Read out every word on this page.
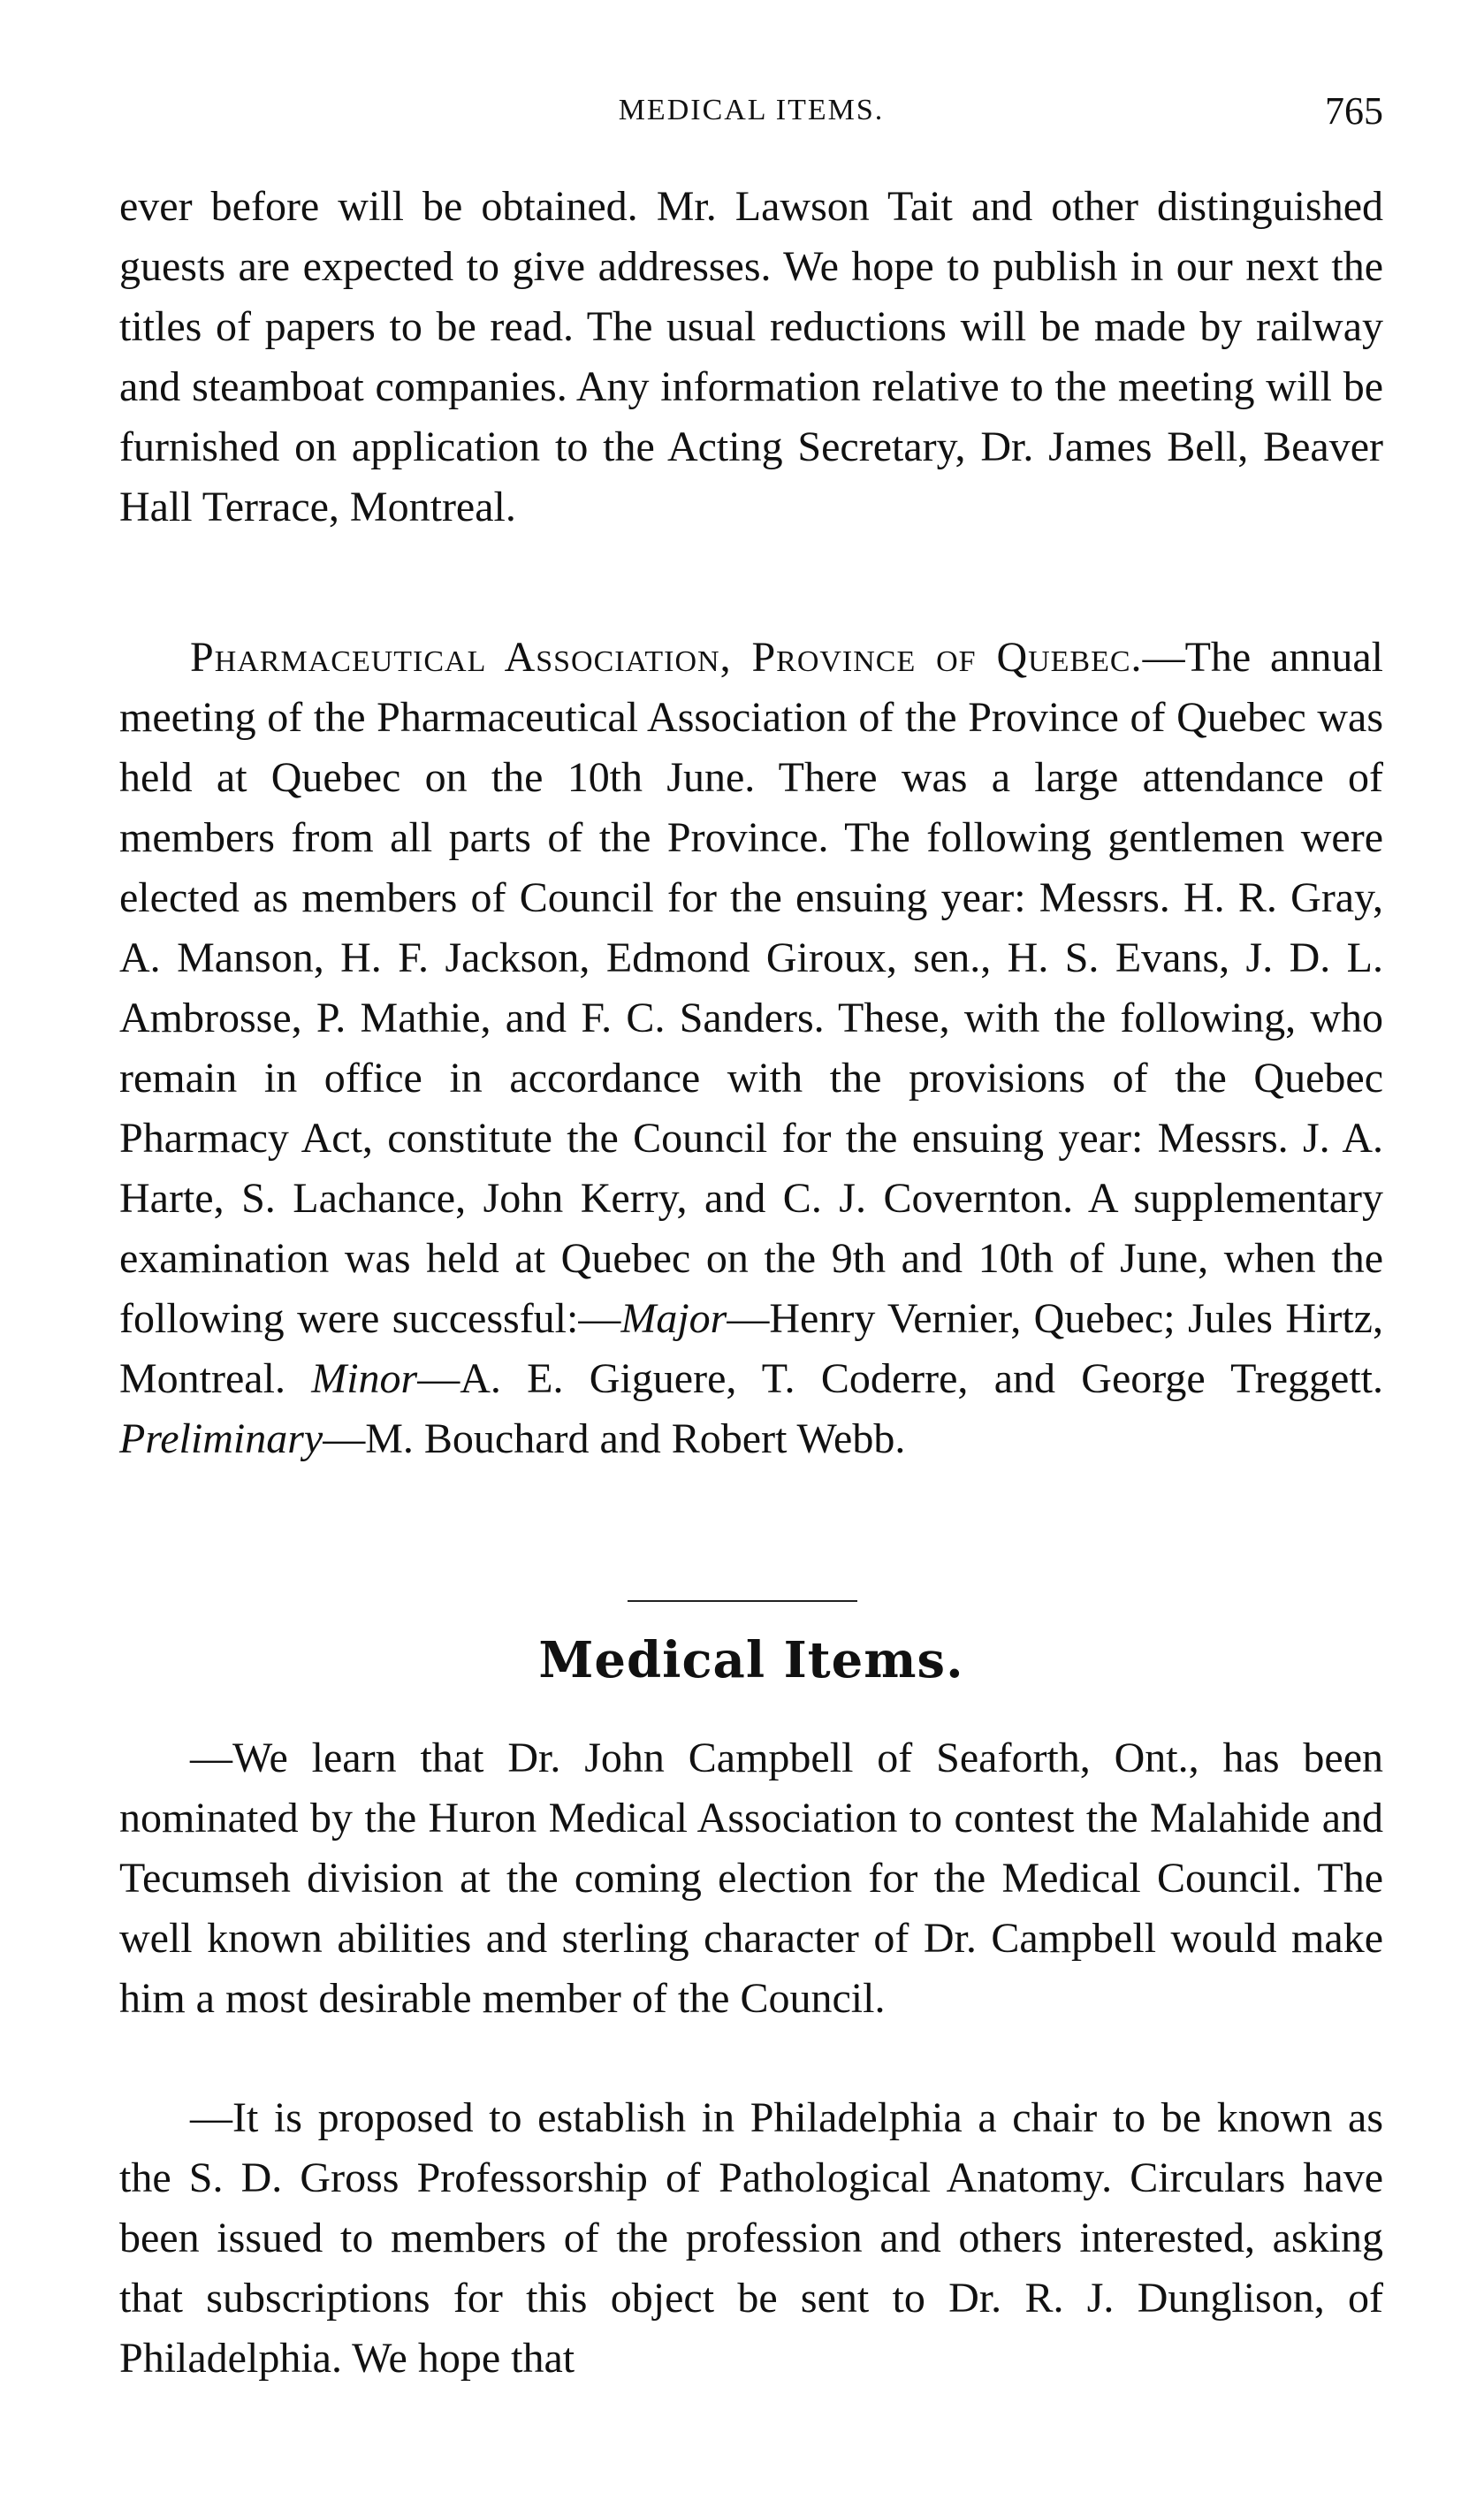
MEDICAL ITEMS.	765

ever before will be obtained. Mr. Lawson Tait and other distinguished guests are expected to give addresses. We hope to publish in our next the titles of papers to be read. The usual reductions will be made by railway and steamboat companies. Any information relative to the meeting will be furnished on application to the Acting Secretary, Dr. James Bell, Beaver Hall Terrace, Montreal.

Pharmaceutical Association, Province of Quebec.—The annual meeting of the Pharmaceutical Association of the Province of Quebec was held at Quebec on the 10th June. There was a large attendance of members from all parts of the Province. The following gentlemen were elected as members of Council for the ensuing year: Messrs. H. R. Gray, A. Manson, H. F. Jackson, Edmond Giroux, sen., H. S. Evans, J. D. L. Ambrosse, P. Mathie, and F. C. Sanders. These, with the following, who remain in office in accordance with the provisions of the Quebec Pharmacy Act, constitute the Council for the ensuing year: Messrs. J. A. Harte, S. Lachance, John Kerry, and C. J. Covernton. A supplementary examination was held at Quebec on the 9th and 10th of June, when the following were successful:—Major—Henry Vernier, Quebec; Jules Hirtz, Montreal. Minor—A. E. Giguere, T. Coderre, and George Treggett. Preliminary—M. Bouchard and Robert Webb.

Medical Items.

—We learn that Dr. John Campbell of Seaforth, Ont., has been nominated by the Huron Medical Association to contest the Malahide and Tecumseh division at the coming election for the Medical Council. The well known abilities and sterling character of Dr. Campbell would make him a most desirable member of the Council.

—It is proposed to establish in Philadelphia a chair to be known as the S. D. Gross Professorship of Pathological Anatomy. Circulars have been issued to members of the profession and others interested, asking that subscriptions for this object be sent to Dr. R. J. Dunglison, of Philadelphia. We hope that
